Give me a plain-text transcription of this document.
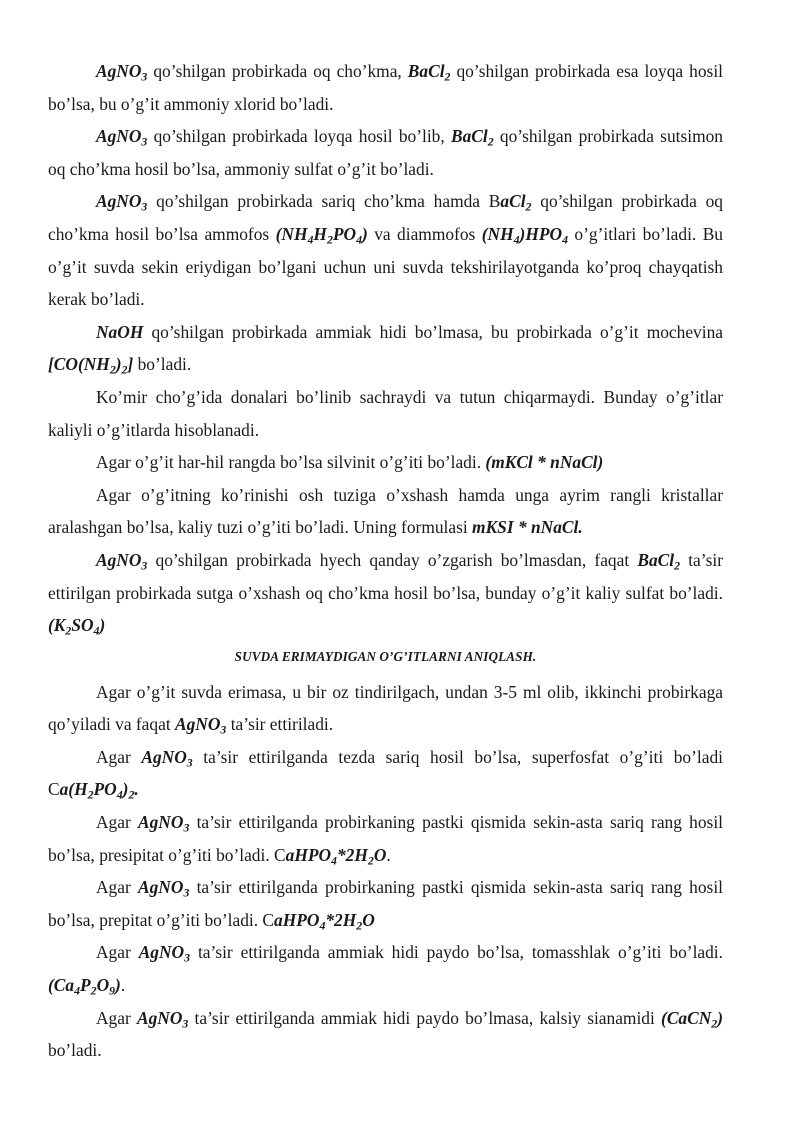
AgNO$_3$ qo’shilgan probirkada oq cho’kma, BaCl$_2$ qo’shilgan probirkada esa loyqa hosil bo’lsa, bu o’g’it ammoniy xlorid bo’ladi.

AgNO$_3$ qo’shilgan probirkada loyqa hosil bo’lib, BaCl$_2$ qo’shilgan probirkada sutsimon oq cho’kma hosil bo’lsa, ammoniy sulfat o’g’it bo’ladi.

AgNO$_3$ qo’shilgan probirkada sariq cho’kma hamda BaCl$_2$ qo’shilgan probirkada oq cho’kma hosil bo’lsa ammofos $(NH_4H_2PO_4)$ va diammofos $(NH_4)HPO_4$ o’g’itlari bo’ladi. Bu o’g’it suvda sekin eriydigan bo’lgani uchun uni suvda tekshirilayotganda ko’proq chayqatish kerak bo’ladi.

NaOH qo’shilgan probirkada ammiak hidi bo’lmasa, bu probirkada o’g’it mochevina $[CO(NH_2)_2]$ bo’ladi.

Ko’mir cho’g’ida donalari bo’linib sachraydi va tutun chiqarmaydi. Bunday o’g’itlar kaliyli o’g’itlarda hisoblanadi.

Agar o’g’it har-hil rangda bo’lsa silvinit o’g’iti bo’ladi. (mKCl * nNaCl)

Agar o’g’itning ko’rinishi osh tuziga o’xshash hamda unga ayrim rangli kristallar aralashgan bo’lsa, kaliy tuzi o’g’iti bo’ladi. Uning formulasi mKSI * nNaCl.

AgNO$_3$ qo’shilgan probirkada hyech qanday o’zgarish bo’lmasdan, faqat BaCl$_2$ ta’sir ettirilgan probirkada sutga o’xshash oq cho’kma hosil bo’lsa, bunday o’g’it kaliy sulfat bo’ladi. $(K_2SO_4)$

SUVDA ERIMAYDIGAN O’G’ITLARNI ANIQLASH.

Agar o’g’it suvda erimasa, u bir oz tindirilgach, undan 3-5 ml olib, ikkinchi probirkaga qo’yiladi va faqat AgNO$_3$ ta’sir ettiriladi.

Agar AgNO$_3$ ta’sir ettirilganda tezda sariq hosil bo’lsa, superfosfat o’g’iti bo’ladi $Ca(H_2PO_4)_2$.

Agar AgNO$_3$ ta’sir ettirilganda probirkaning pastki qismida sekin-asta sariq rang hosil bo’lsa, presipitat o’g’iti bo’ladi. $CaHPO_4*2H_2O$.

Agar AgNO$_3$ ta’sir ettirilganda probirkaning pastki qismida sekin-asta sariq rang hosil bo’lsa, prepitat o’g’iti bo’ladi. $CaHPO_4*2H_2O$

Agar AgNO$_3$ ta’sir ettirilganda ammiak hidi paydo bo’lsa, tomasshlak o’g’iti bo’ladi. $(Ca_4P_2O_9)$.

Agar AgNO$_3$ ta’sir ettirilganda ammiak hidi paydo bo’lmasa, kalsiy sianamidi (CaCN$_2$) bo’ladi.
